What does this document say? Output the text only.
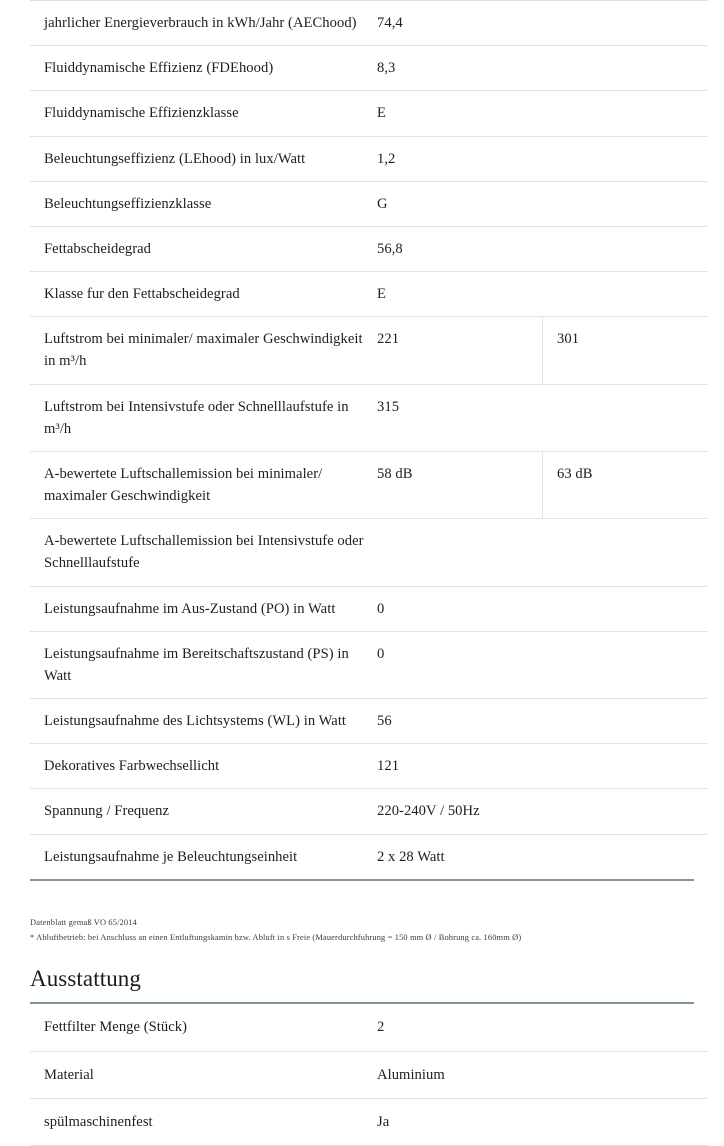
jahrlicher Energieverbrauch in kWh/Jahr (AEChood)	74,4	
Fluiddynamische Effizienz (FDEhood)	8,3	
Fluiddynamische Effizienzklasse	E	
Beleuchtungseffizienz (LEhood) in lux/Watt	1,2	
Beleuchtungseffizienzklasse	G	
Fettabscheidegrad	56,8	
Klasse fur den Fettabscheidegrad	E	
Luftstrom bei minimaler/ maximaler Geschwindigkeit in m³/h	221	301
Luftstrom bei Intensivstufe oder Schnelllaufstufe in m³/h	315	
A-bewertete Luftschallemission bei minimaler/ maximaler Geschwindigkeit	58 dB	63 dB
A-bewertete Luftschallemission bei Intensivstufe oder Schnelllaufstufe		
Leistungsaufnahme im Aus-Zustand (PO) in Watt	0	
Leistungsaufnahme im Bereitschaftszustand (PS) in Watt	0	
Leistungsaufnahme des Lichtsystems (WL) in Watt	56	
Dekoratives Farbwechsellicht	121	
Spannung / Frequenz	220-240V / 50Hz	
Leistungsaufnahme je Beleuchtungseinheit	2 x 28 Watt	
Datenblatt gemaß VO 65/2014
* Abluftbetrieb: bei Anschluss an einen Entluftungskamin bzw. Abluft in s Freie (Mauerdurchfuhrung = 150 mm Ø / Bohrung ca. 160mm Ø)
Ausstattung
Fettfilter Menge (Stück)	2
Material	Aluminium
spülmaschinenfest	Ja
